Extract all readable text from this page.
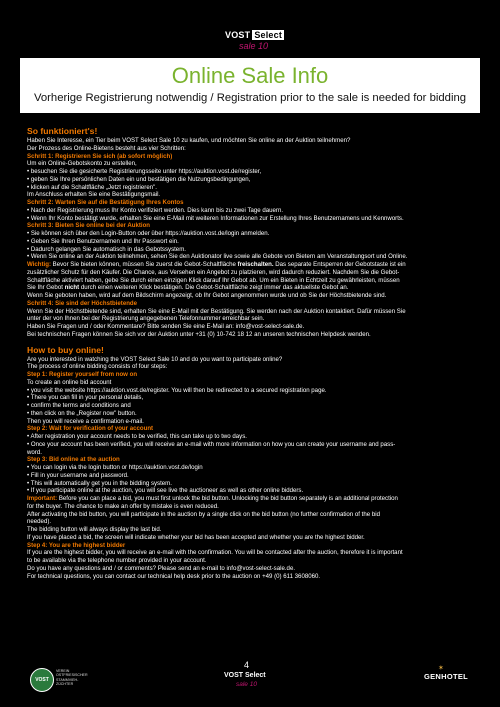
VOST Select
sale 10
Online Sale Info
Vorherige Registrierung notwendig / Registration prior to the sale is needed for bidding

So funktioniert's!

Haben Sie Interesse, ein Tier beim VOST Select Sale 10 zu kaufen, und möchten Sie online an der Auktion teilnehmen?

Der Prozess des Online-Bietens besteht aus vier Schritten:

Schritt 1: Registrieren Sie sich (ab sofort möglich)

Um ein Online-Gebotskonto zu erstellen,

• besuchen Sie die gesicherte Registrierungsseite unter https://auktion.vost.de/register,

• geben Sie Ihre persönlichen Daten ein und bestätigen die Nutzungsbedingungen,

• klicken auf die Schaltfläche „Jetzt registrieren".

Im Anschluss erhalten Sie eine Bestätigungsmail.

Schritt 2: Warten Sie auf die Bestätigung Ihres Kontos

• Nach der Registrierung muss Ihr Konto verifiziert werden. Dies kann bis zu zwei Tage dauern.

• Wenn Ihr Konto bestätigt wurde, erhalten Sie eine E-Mail mit weiteren Informationen zur Erstellung Ihres Benutzernamens und Kennworts.

Schritt 3: Bieten Sie online bei der Auktion

• Sie können sich über den Login-Button oder über https://auktion.vost.de/login anmelden.

• Geben Sie Ihren Benutzernamen und Ihr Passwort ein.

• Dadurch gelangen Sie automatisch in das Gebotssystem.

• Wenn Sie online an der Auktion teilnehmen, sehen Sie den Auktionator live sowie alle Gebote von Bietern am Veranstaltungsort und Online.

Wichtig: Bevor Sie bieten können, müssen Sie zuerst die Gebot-Schaltfläche freischalten. Das separate Entsperren der Gebotstaste ist ein

zusätzlicher Schutz für den Käufer. Die Chance, aus Versehen ein Angebot zu platzieren, wird dadurch reduziert. Nachdem Sie die Gebot-

Schaltfläche aktiviert haben, gebe Sie durch einen einzigen Klick darauf Ihr Gebot ab. Um ein Bieten in Echtzeit zu gewährleisten, müssen

Sie Ihr Gebot nicht durch einen weiteren Klick bestätigen. Die Gebot-Schaltfläche zeigt immer das aktuellste Gebot an.

Wenn Sie geboten haben, wird auf dem Bildschirm angezeigt, ob Ihr Gebot angenommen wurde und ob Sie der Höchstbietende sind.

Schritt 4: Sie sind der Höchstbietende

Wenn Sie der Höchstbietende sind, erhalten Sie eine E-Mail mit der Bestätigung. Sie werden nach der Auktion kontaktiert. Dafür müssen Sie

unter der von Ihnen bei der Registrierung angegebenen Telefonnummer erreichbar sein.

Haben Sie Fragen und / oder Kommentare? Bitte senden Sie eine E-Mail an: info@vost-select-sale.de.

Bei technischen Fragen können Sie sich vor der Auktion unter +31 (0) 10-742 18 12 an unseren technischen Helpdesk wenden.

How to buy online!

Are you interested in watching the VOST Select Sale 10 and do you want to participate online?

The process of online bidding consists of four steps:

Step 1: Register yourself from now on

To create an online bid account

• you visit the website https://auktion.vost.de/register. You will then be redirected to a secured registration page.

• There you can fill in your personal details,

• confirm the terms and conditions and

• then click on the „Register now" button.

Then you will receive a confirmation e-mail.

Step 2: Wait for verification of your account

• After registration your account needs to be verified, this can take up to two days.

• Once your account has been verified, you will receive an e-mail with more information on how you can create your username and pass-

word.

Step 3: Bid online at the auction

• You can login via the login button or https://auktion.vost.de/login

• Fill in your username and password.

• This will automatically get you in the bidding system.

• If you participate online at the auction, you will see live the auctioneer as well as other online bidders.

Important: Before you can place a bid, you must first unlock the bid button. Unlocking the bid button separately is an additional protection

for the buyer. The chance to make an offer by mistake is even reduced.

After activating the bid button, you will participate in the auction by a single click on the bid button (no further confirmation of the bid

needed).

The bidding button will always display the last bid.

If you have placed a bid, the screen will indicate whether your bid has been accepted and whether you are the highest bidder.

Step 4: You are the highest bidder

If you are the highest bidder, you will receive an e-mail with the confirmation. You will be contacted after the auction, therefore it is important

to be available via the telephone number provided in your account.

Do you have any questions and / or comments? Please send an e-mail to info@vost-select-sale.de.

For technical questions, you can contact our technical help desk prior to the auction on +49 (0) 611 3608060.

VOST
VEREIN
OSTFRIESISCHER
STAMMVIEH-
ZÜCHTER
4
VOST Select
sale 10
✶
GENHOTEL
